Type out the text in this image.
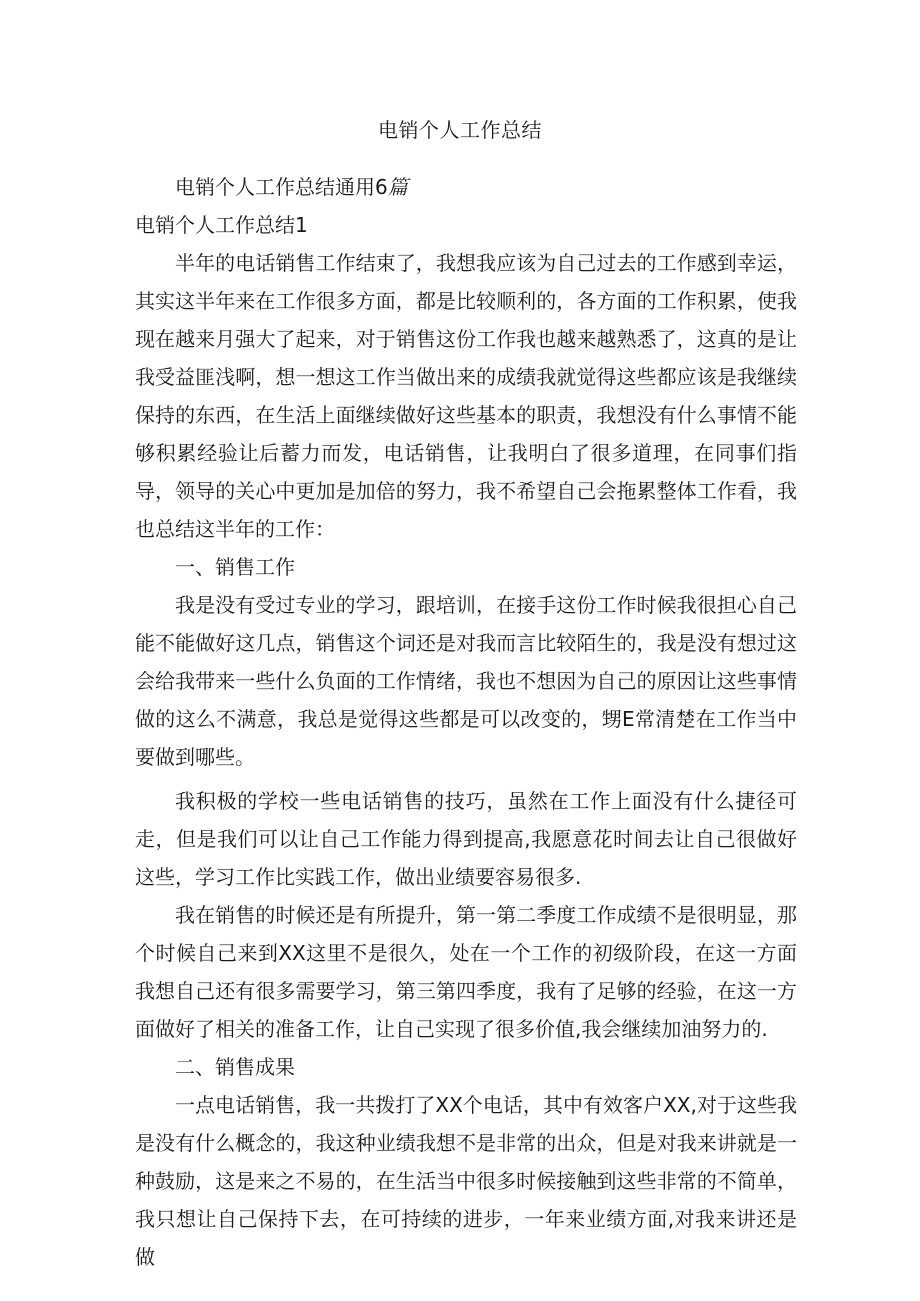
电销个人工作总结

电销个人工作总结通用6篇

电销个人工作总结1

半年的电话销售工作结束了，我想我应该为自己过去的工作感到幸运，其实这半年来在工作很多方面，都是比较顺利的，各方面的工作积累，使我现在越来月强大了起来，对于销售这份工作我也越来越熟悉了，这真的是让我受益匪浅啊，想一想这工作当做出来的成绩我就觉得这些都应该是我继续保持的东西，在生活上面继续做好这些基本的职责，我想没有什么事情不能够积累经验让后蓄力而发，电话销售，让我明白了很多道理，在同事们指导，领导的关心中更加是加倍的努力，我不希望自己会拖累整体工作看，我也总结这半年的工作：

一、销售工作

我是没有受过专业的学习，跟培训，在接手这份工作时候我很担心自己能不能做好这几点，销售这个词还是对我而言比较陌生的，我是没有想过这会给我带来一些什么负面的工作情绪，我也不想因为自己的原因让这些事情做的这么不满意，我总是觉得这些都是可以改变的，甥E常清楚在工作当中要做到哪些。

我积极的学校一些电话销售的技巧，虽然在工作上面没有什么捷径可走，但是我们可以让自己工作能力得到提高,我愿意花时间去让自己很做好这些，学习工作比实践工作，做出业绩要容易很多.

我在销售的时候还是有所提升，第一第二季度工作成绩不是很明显，那个时候自己来到XX这里不是很久，处在一个工作的初级阶段，在这一方面我想自己还有很多需要学习，第三第四季度，我有了足够的经验，在这一方面做好了相关的准备工作，让自己实现了很多价值,我会继续加油努力的.

二、销售成果

一点电话销售，我一共拨打了XX个电话，其中有效客户XX,对于这些我是没有什么概念的，我这种业绩我想不是非常的出众，但是对我来讲就是一种鼓励，这是来之不易的，在生活当中很多时候接触到这些非常的不简单，我只想让自己保持下去，在可持续的进步，一年来业绩方面,对我来讲还是做
